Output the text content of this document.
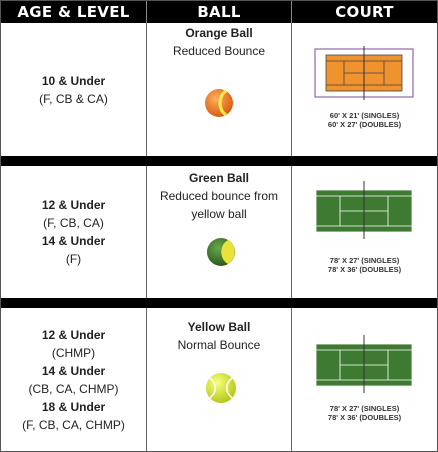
AGE & LEVEL	BALL	COURT
10 & Under
(F, CB & CA)
Orange Ball
Reduced Bounce
60' X 21' (SINGLES)
60' X 27' (DOUBLES)
12 & Under
(F, CB, CA)
14 & Under
(F)
Green Ball
Reduced bounce from
yellow ball
78' X 27' (SINGLES)
78' X 36' (DOUBLES)
12 & Under
(CHMP)
14 & Under
(CB, CA, CHMP)
18 & Under
(F, CB, CA, CHMP)
Yellow Ball
Normal Bounce
78' X 27' (SINGLES)
78' X 36' (DOUBLES)
